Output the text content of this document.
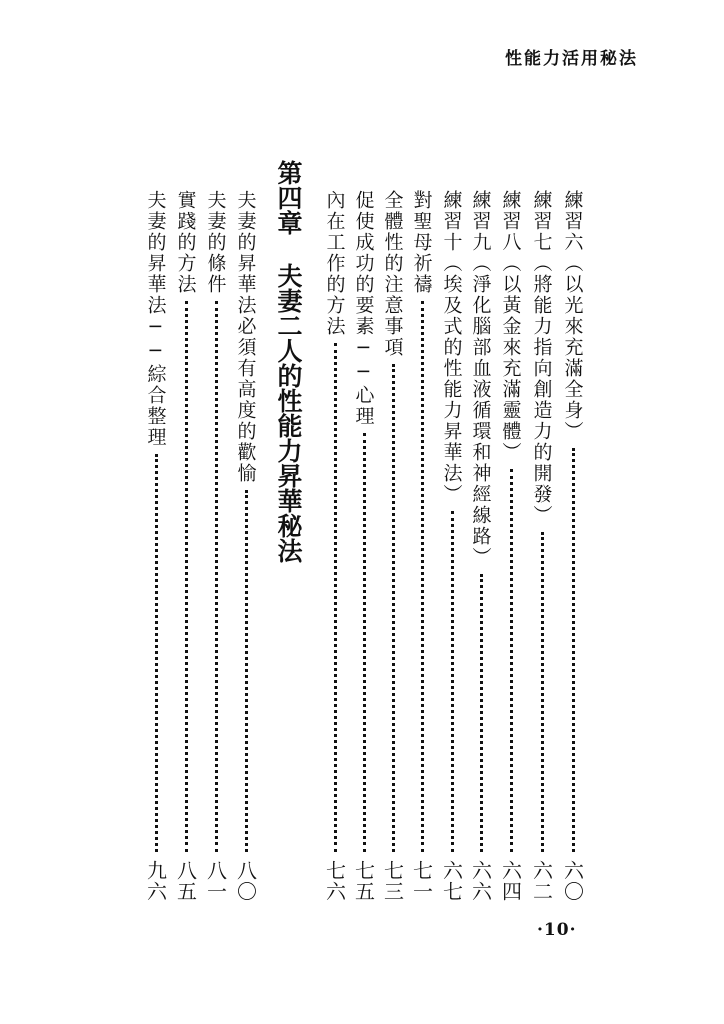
性能力活用秘法
練習六︵以光來充滿全身︶
六〇
練習七︵將能力指向創造力的開發︶
六二
練習八︵以黃金來充滿靈體︶
六四
練習九︵淨化腦部血液循環和神經線路︶
六六
練習十︵埃及式的性能力昇華法︶
六七
對聖母祈禱
七一
全體性的注意事項
七三
促使成功的要素──心理
七五
內在工作的方法
七六
第四章夫妻二人的性能力昇華秘法
夫妻的昇華法必須有高度的歡愉
八〇
夫妻的條件
八一
實踐的方法
八五
夫妻的昇華法──綜合整理
九六
·10·
